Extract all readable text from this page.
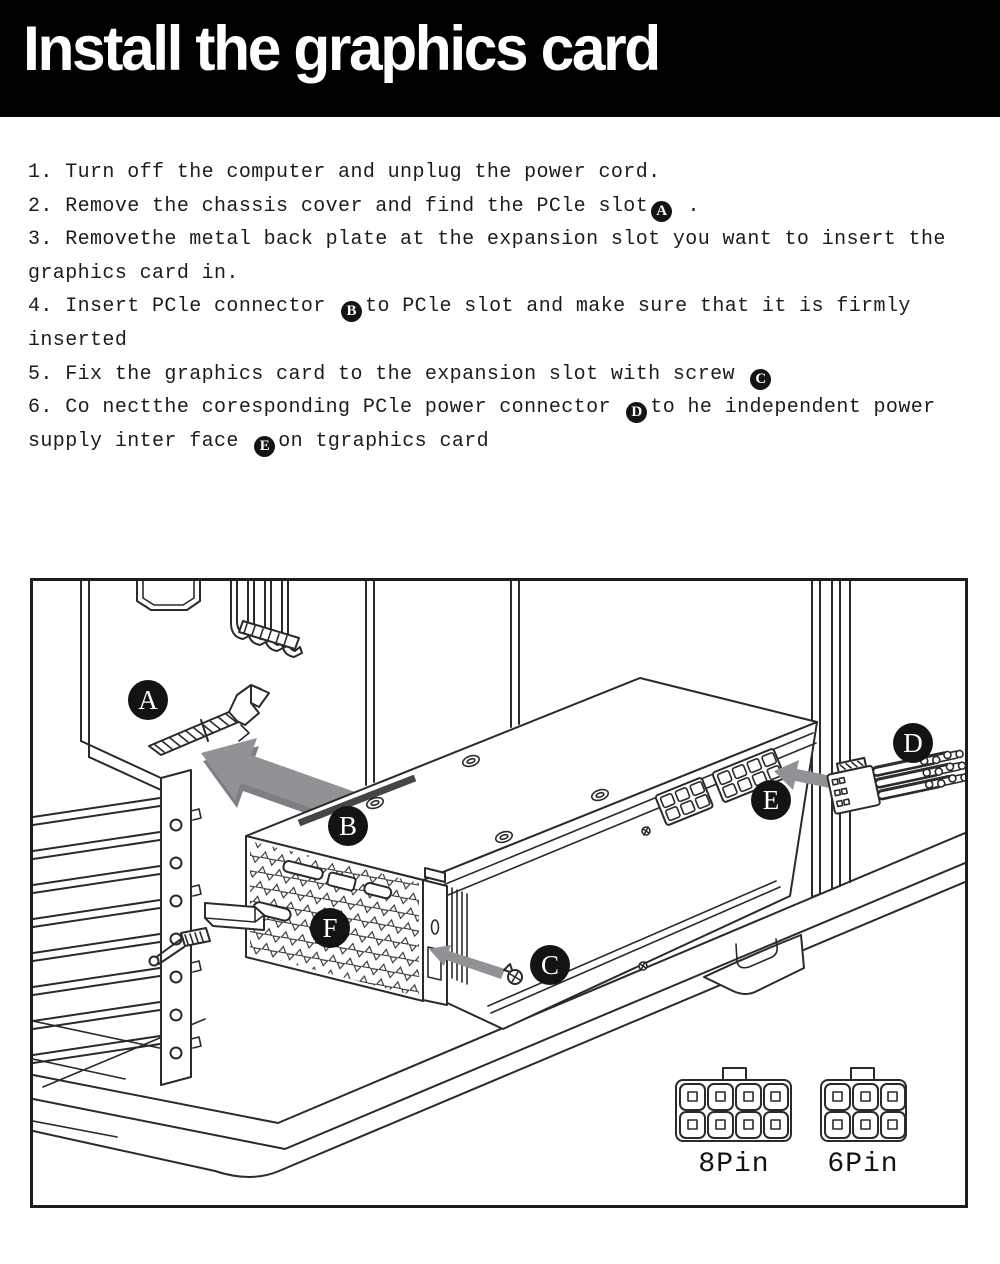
Install the graphics card
1. Turn off the computer and unplug the power cord.
2. Remove the chassis cover and find the PCle slot A .
3. Removethe metal back plate at the expansion slot you want to insert the
graphics card in.
4. Insert PCle connector B to PCle slot and make sure that it is firmly
inserted
5. Fix the graphics card to the expansion slot with screw C
6. Co nectthe coresponding PCle power connector D to he independent power
supply inter face E on tgraphics card
8Pin 6Pin
A
B
C
D
E
F
